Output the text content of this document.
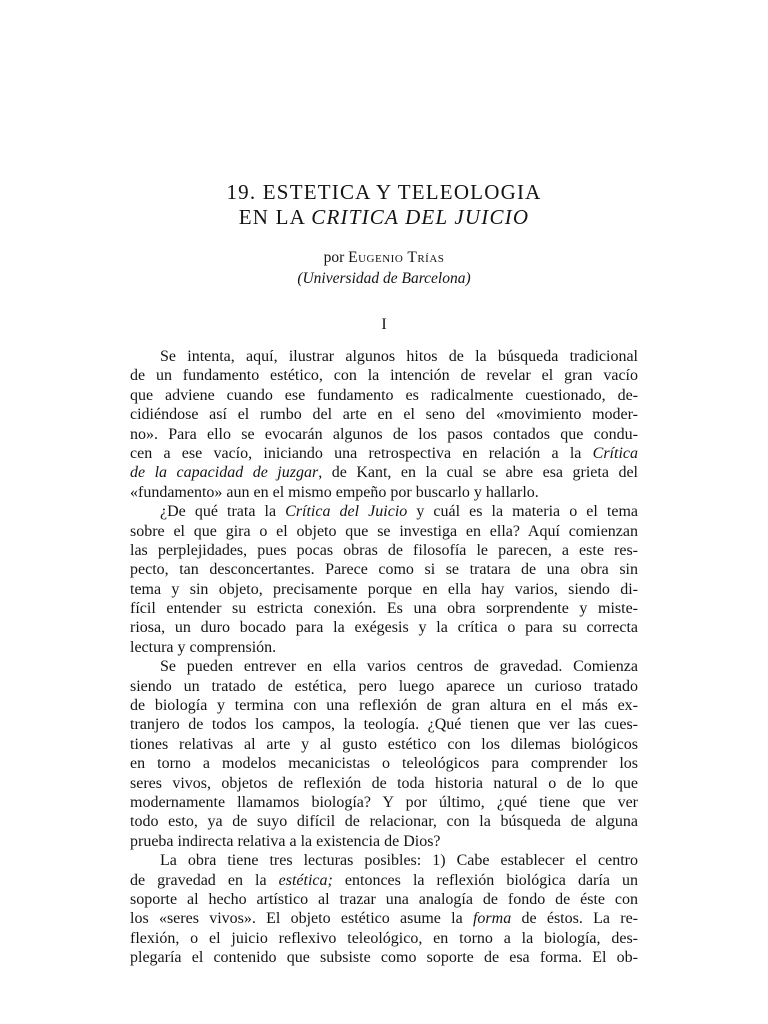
19. ESTETICA Y TELEOLOGIA
EN LA CRITICA DEL JUICIO
por Eugenio Trías
(Universidad de Barcelona)
I
Se intenta, aquí, ilustrar algunos hitos de la búsqueda tradicional
de un fundamento estético, con la intención de revelar el gran vacío
que adviene cuando ese fundamento es radicalmente cuestionado, de-
cidiéndose así el rumbo del arte en el seno del «movimiento moder-
no». Para ello se evocarán algunos de los pasos contados que condu-
cen a ese vacío, iniciando una retrospectiva en relación a la Crítica
de la capacidad de juzgar, de Kant, en la cual se abre esa grieta del
«fundamento» aun en el mismo empeño por buscarlo y hallarlo.
¿De qué trata la Crítica del Juicio y cuál es la materia o el tema
sobre el que gira o el objeto que se investiga en ella? Aquí comienzan
las perplejidades, pues pocas obras de filosofía le parecen, a este res-
pecto, tan desconcertantes. Parece como si se tratara de una obra sin
tema y sin objeto, precisamente porque en ella hay varios, siendo di-
fícil entender su estricta conexión. Es una obra sorprendente y miste-
riosa, un duro bocado para la exégesis y la crítica o para su correcta
lectura y comprensión.
Se pueden entrever en ella varios centros de gravedad. Comienza
siendo un tratado de estética, pero luego aparece un curioso tratado
de biología y termina con una reflexión de gran altura en el más ex-
tranjero de todos los campos, la teología. ¿Qué tienen que ver las cues-
tiones relativas al arte y al gusto estético con los dilemas biológicos
en torno a modelos mecanicistas o teleológicos para comprender los
seres vivos, objetos de reflexión de toda historia natural o de lo que
modernamente llamamos biología? Y por último, ¿qué tiene que ver
todo esto, ya de suyo difícil de relacionar, con la búsqueda de alguna
prueba indirecta relativa a la existencia de Dios?
La obra tiene tres lecturas posibles: 1) Cabe establecer el centro
de gravedad en la estética; entonces la reflexión biológica daría un
soporte al hecho artístico al trazar una analogía de fondo de éste con
los «seres vivos». El objeto estético asume la forma de éstos. La re-
flexión, o el juicio reflexivo teleológico, en torno a la biología, des-
plegaría el contenido que subsiste como soporte de esa forma. El ob-
